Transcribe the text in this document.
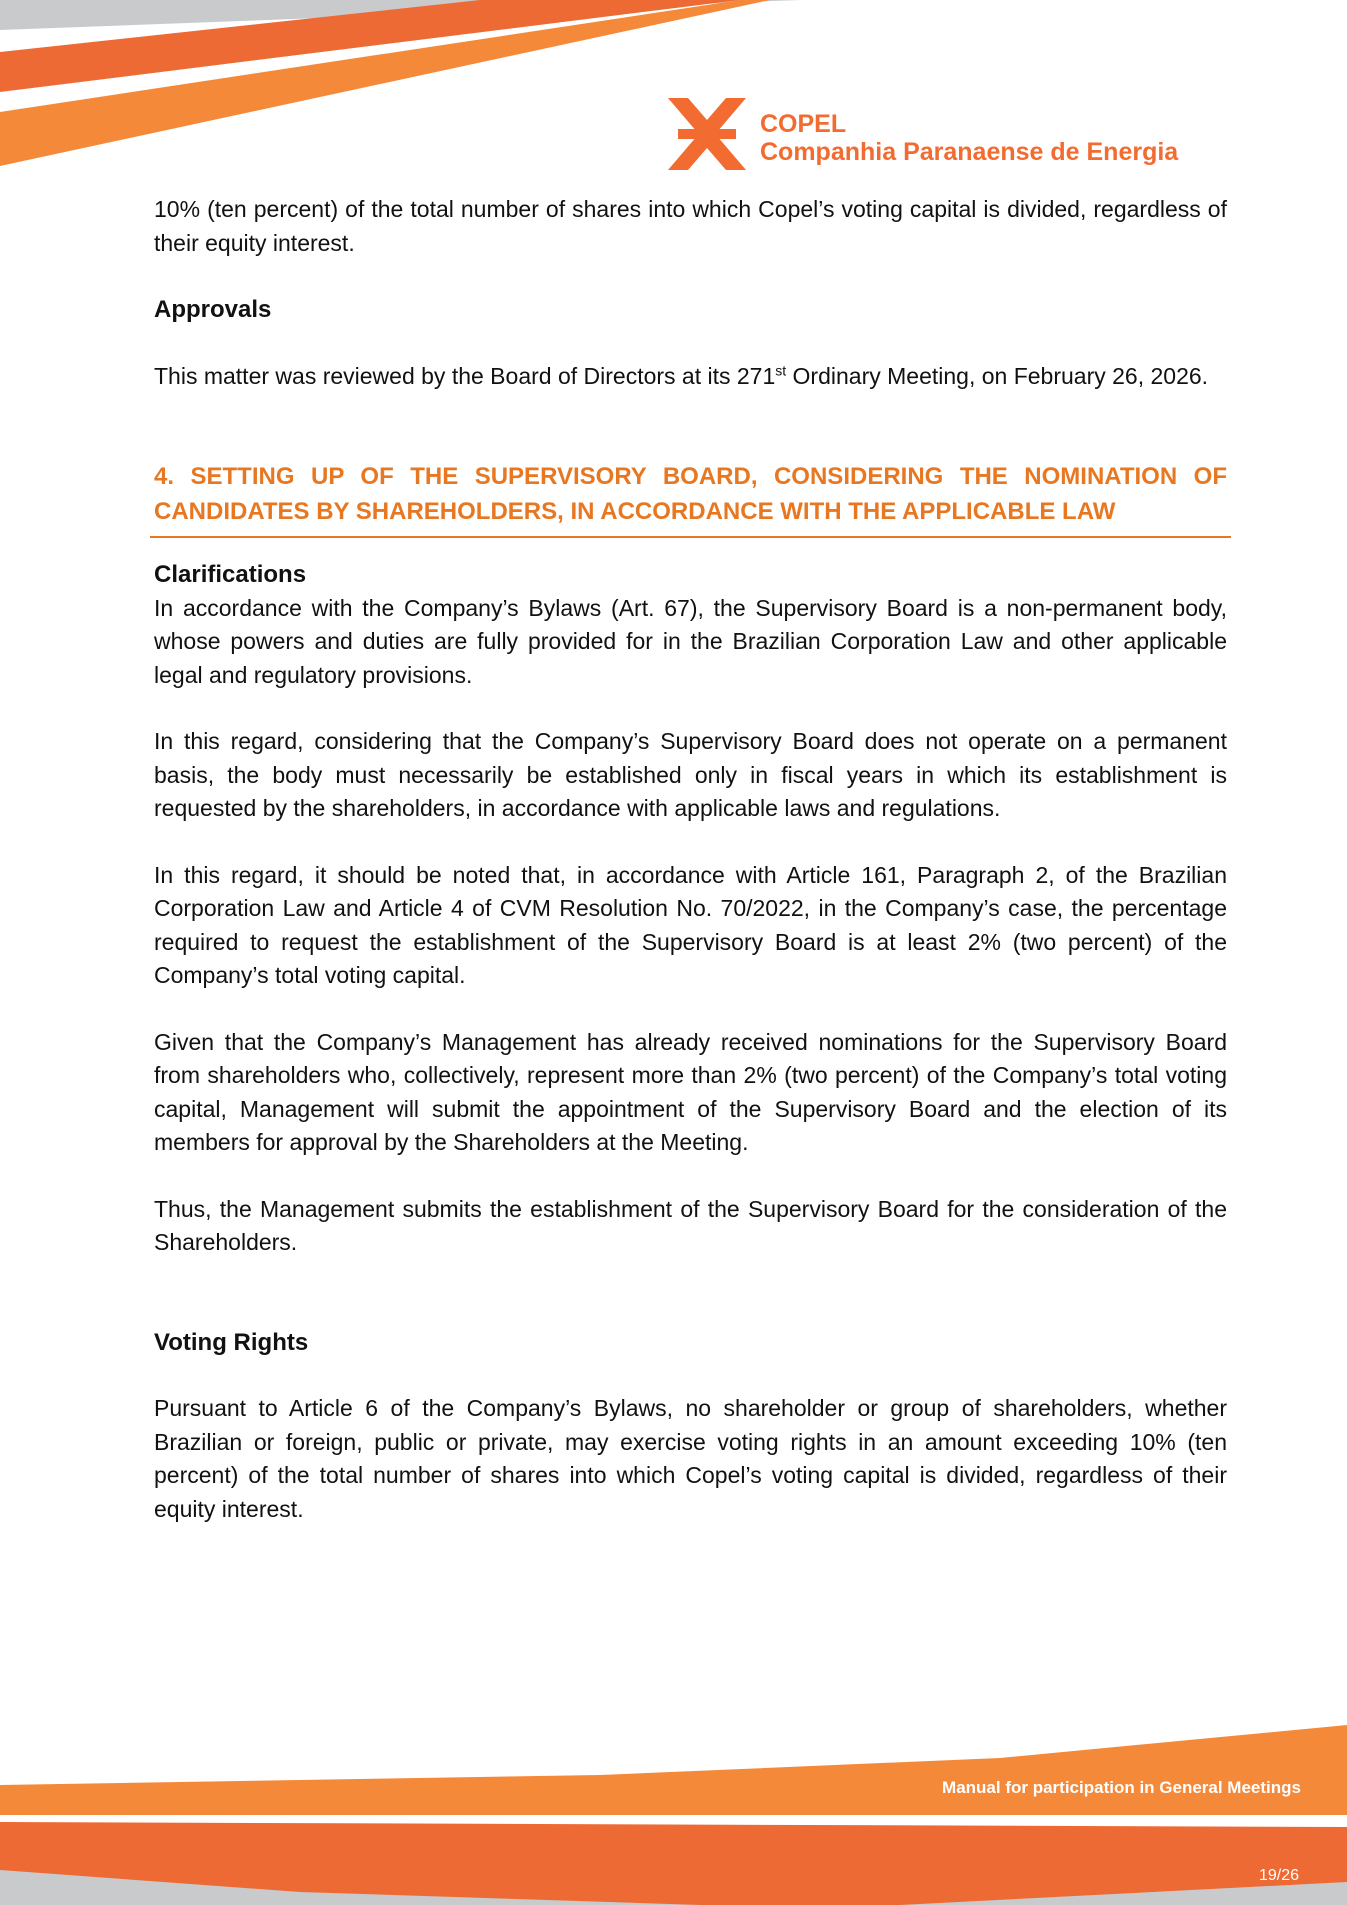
COPEL
Companhia Paranaense de Energia

10% (ten percent) of the total number of shares into which Copel’s voting capital is divided, regardless of their equity interest.

Approvals

This matter was reviewed by the Board of Directors at its 271st Ordinary Meeting, on February 26, 2026.

4. SETTING UP OF THE SUPERVISORY BOARD, CONSIDERING THE NOMINATION OF CANDIDATES BY SHAREHOLDERS, IN ACCORDANCE WITH THE APPLICABLE LAW
Clarifications

In accordance with the Company’s Bylaws (Art. 67), the Supervisory Board is a non-permanent body, whose powers and duties are fully provided for in the Brazilian Corporation Law and other applicable legal and regulatory provisions.

In this regard, considering that the Company’s Supervisory Board does not operate on a permanent basis, the body must necessarily be established only in fiscal years in which its establishment is requested by the shareholders, in accordance with applicable laws and regulations.

In this regard, it should be noted that, in accordance with Article 161, Paragraph 2, of the Brazilian Corporation Law and Article 4 of CVM Resolution No. 70/2022, in the Company’s case, the percentage required to request the establishment of the Supervisory Board is at least 2% (two percent) of the Company’s total voting capital.

Given that the Company’s Management has already received nominations for the Supervisory Board from shareholders who, collectively, represent more than 2% (two percent) of the Company’s total voting capital, Management will submit the appointment of the Supervisory Board and the election of its members for approval by the Shareholders at the Meeting.

Thus, the Management submits the establishment of the Supervisory Board for the consideration of the Shareholders.

Voting Rights

Pursuant to Article 6 of the Company’s Bylaws, no shareholder or group of shareholders, whether Brazilian or foreign, public or private, may exercise voting rights in an amount exceeding 10% (ten percent) of the total number of shares into which Copel’s voting capital is divided, regardless of their equity interest.

Manual for participation in General Meetings
19/26
